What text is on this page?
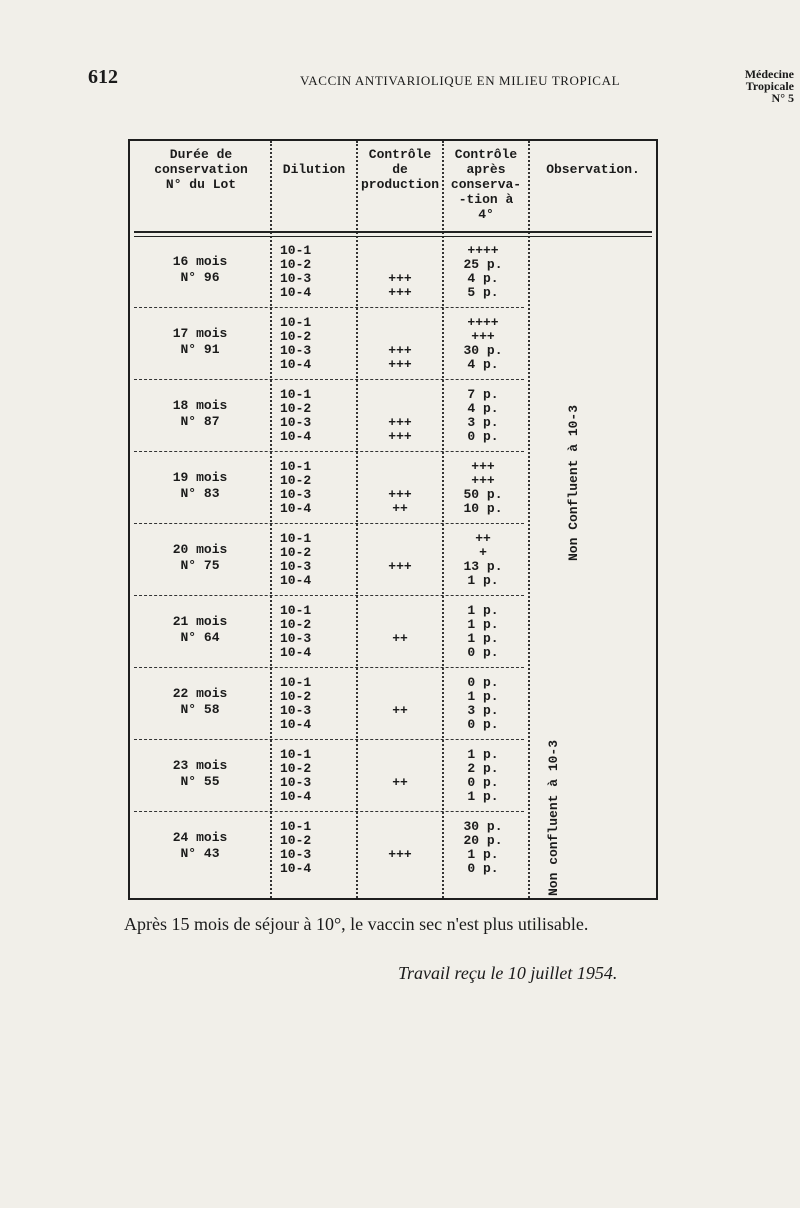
612	VACCIN ANTIVARIOLIQUE EN MILIEU TROPICAL	Médecine
Tropicale
N° 5
Durée de
conservation
N° du Lot
Dilution
Contrôle
de
production
Contrôle
après
conserva-
-tion à
4°
Observation.
16 mois
N° 96
10-1
10-2
10-3
10-4
+++
+++
++++
25 p.
4 p.
5 p.
17 mois
N° 91
10-1
10-2
10-3
10-4
+++
+++
++++
+++
30 p.
4 p.
18 mois
N° 87
10-1
10-2
10-3
10-4
+++
+++
7 p.
4 p.
3 p.
0 p.
19 mois
N° 83
10-1
10-2
10-3
10-4
+++
++
+++
+++
50 p.
10 p.
20 mois
N° 75
10-1
10-2
10-3
10-4
+++
++
+
13 p.
1 p.
21 mois
N° 64
10-1
10-2
10-3
10-4
++
1 p.
1 p.
1 p.
0 p.
22 mois
N° 58
10-1
10-2
10-3
10-4
++
0 p.
1 p.
3 p.
0 p.
23 mois
N° 55
10-1
10-2
10-3
10-4
++
1 p.
2 p.
0 p.
1 p.
24 mois
N° 43
10-1
10-2
10-3
10-4
+++
30 p.
20 p.
1 p.
0 p.
Non Confluent à 10-3
Non confluent à 10-3
Après 15 mois de séjour à 10°, le vaccin sec n'est plus utilisable.
Travail reçu le 10 juillet 1954.
